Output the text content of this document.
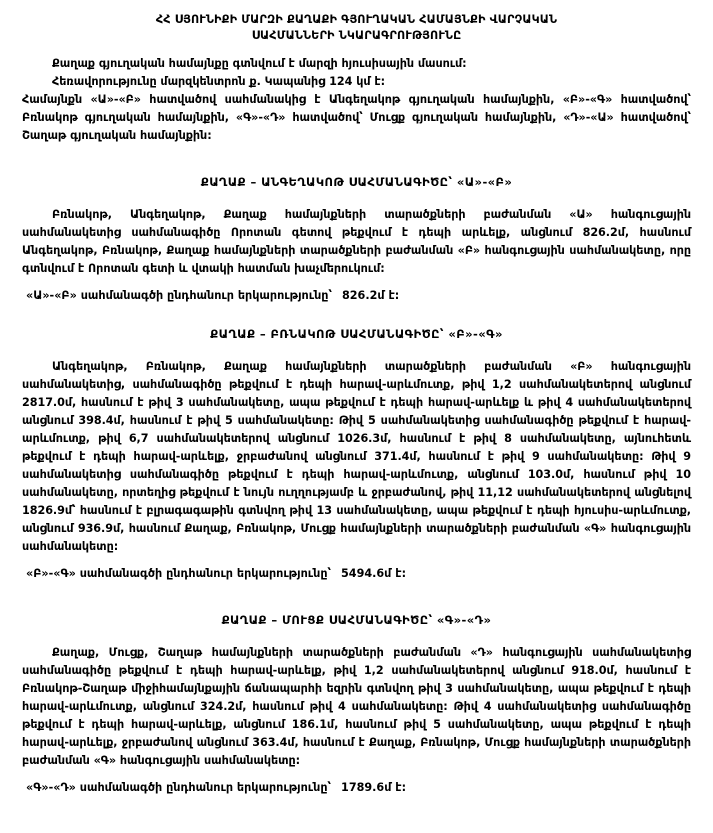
ՀՀ ՍՅՈՒՆԻՔԻ ՄԱՐԶԻ ՔԱՂԱՔԻ ԳՅՈՒՂԱԿԱՆ ՀԱՄԱՅՆՔԻ ՎԱՐՉԱԿԱՆ
ՍԱՀՄԱՆՆԵՐԻ ՆԿԱՐԱԳՐՈՒԹՅՈՒՆԸ

Քաղաք գյուղական համայնքը գտնվում է մարզի հյուսիսային մասում:

Հեռավորությունը մարզկենտրոն ք. Կապանից 124 կմ է:

Համայնքն «Ա»-«Բ» հատվածով սահմանակից է Անգեղակոթ գյուղական համայնքին, «Բ»-«Գ» հատվածով՝ Բռնակոթ գյուղական համայնքին, «Գ»-«Դ» հատվածով՝ Մուցք գյուղական համայնքին, «Դ»-«Ա» հատվածով՝ Շաղաթ գյուղական համայնքին:

ՔԱՂԱՔ – ԱՆԳԵՂԱԿՈԹ ՍԱՀՄԱՆԱԳԻԾԸ՝ «Ա»-«Բ»

Բռնակոթ, Անգեղակոթ, Քաղաք համայնքների տարածքների բաժանման «Ա» հանգուցային սահմանակետից սահմանագիծը Որոտան գետով թեքվում է դեպի արևելք, անցնում 826.2մ, հասնում Անգեղակոթ, Բռնակոթ, Քաղաք համայնքների տարածքների բաժանման «Բ» հանգուցային սահմանակետը, որը գտնվում է Որոտան գետի և վտակի հատման խաչմերուկում:

«Ա»-«Բ» սահմանագծի ընդհանուր երկարությունը՝ 826.2մ է:

ՔԱՂԱՔ – ԲՌՆԱԿՈԹ ՍԱՀՄԱՆԱԳԻԾԸ՝ «Բ»-«Գ»

Անգեղակոթ, Բռնակոթ, Քաղաք համայնքների տարածքների բաժանման «Բ» հանգուցային սահմանակետից, սահմանագիծը թեքվում է դեպի հարավ-արևմուտք, թիվ 1,2 սահմանակետերով անցնում 2817.0մ, հասնում է թիվ 3 սահմանակետը, ապա թեքվում է դեպի հարավ-արևելք և թիվ 4 սահմանակետերով անցնում 398.4մ, հասնում է թիվ 5 սահմանակետը: Թիվ 5 սահմանակետից սահմանագիծը թեքվում է հարավ-արևմուտք, թիվ 6,7 սահմանակետերով անցնում 1026.3մ, հասնում է թիվ 8 սահմանակետը, այնուհետև թեքվում է դեպի հարավ-արևելք, ջրբաժանով անցնում 371.4մ, հասնում է թիվ 9 սահմանակետը: Թիվ 9 սահմանակետից սահմանագիծը թեքվում է դեպի հարավ-արևմուտք, անցնում 103.0մ, հասնում թիվ 10 սահմանակետը, որտեղից թեքվում է նույն ուղղությամբ և ջրբաժանով, թիվ 11,12 սահմանակետերով անցնելով 1826.9մ՝ հասնում է բլրագագաթին գտնվող թիվ 13 սահմանակետը, ապա թեքվում է դեպի հյուսիս-արևմուտք, անցնում 936.9մ, հասնում Քաղաք, Բռնակոթ, Մուցք համայնքների տարածքների բաժանման «Գ» հանգուցային սահմանակետը:

«Բ»-«Գ» սահմանագծի ընդհանուր երկարությունը՝ 5494.6մ է:

ՔԱՂԱՔ – ՄՈՒՑՔ ՍԱՀՄԱՆԱԳԻԾԸ՝ «Գ»-«Դ»

Քաղաք, Մուցք, Շաղաթ համայնքների տարածքների բաժանման «Դ» հանգուցային սահմանակետից սահմանագիծը թեքվում է դեպի հարավ-արևելք, թիվ 1,2 սահմանակետերով անցնում 918.0մ, հասնում է Բռնակոթ-Շաղաթ միջիհամայնքային ճանապարհի եզրին գտնվող թիվ 3 սահմանակետը, ապա թեքվում է դեպի հարավ-արևմուտք, անցնում 324.2մ, հասնում թիվ 4 սահմանակետը: Թիվ 4 սահմանակետից սահմանագիծը թեքվում է դեպի հարավ-արևելք, անցնում 186.1մ, հասնում թիվ 5 սահմանակետը, ապա թեքվում է դեպի հարավ-արևելք, ջրբաժանով անցնում 363.4մ, հասնում է Քաղաք, Բռնակոթ, Մուցք համայնքների տարածքների բաժանման «Գ» հանգուցային սահմանակետը:

«Գ»-«Դ» սահմանագծի ընդհանուր երկարությունը՝ 1789.6մ է:
